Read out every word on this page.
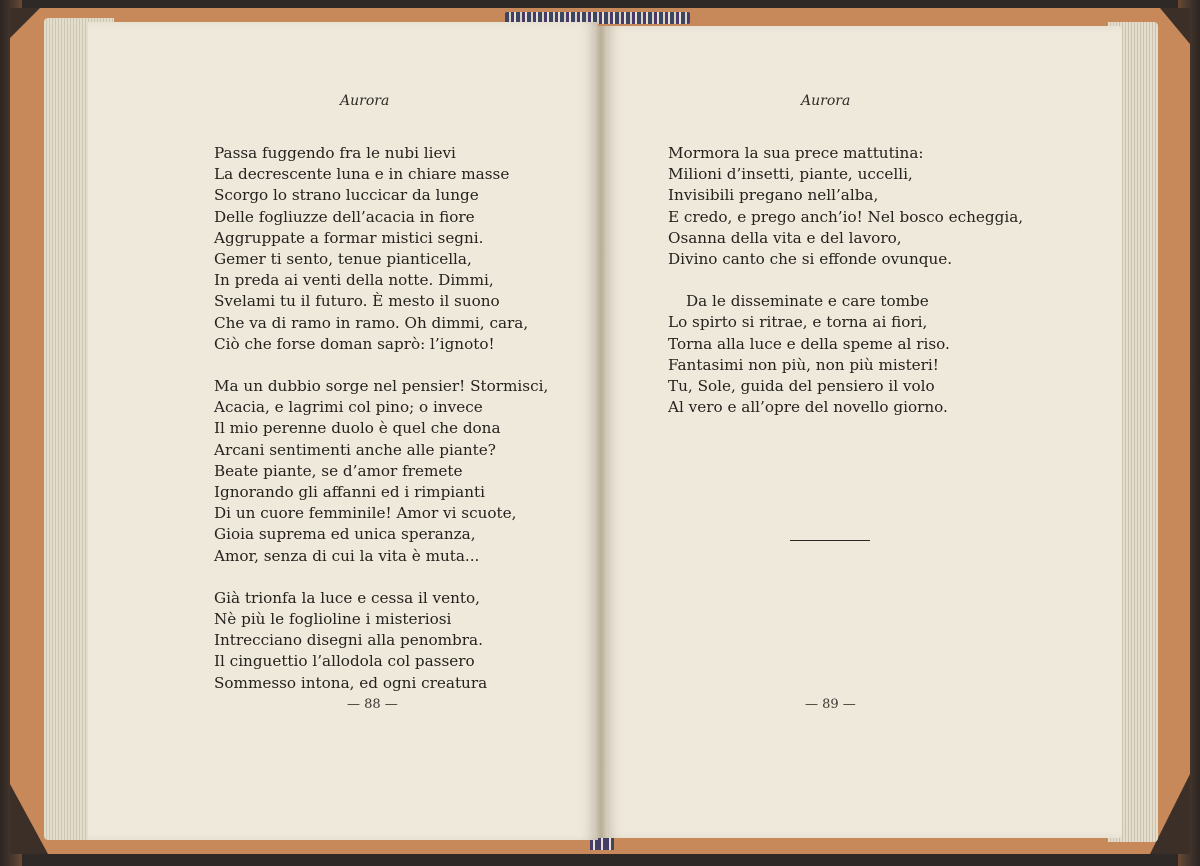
Aurora
Passa fuggendo fra le nubi lievi
La decrescente luna e in chiare masse
Scorgo lo strano luccicar da lunge
Delle fogliuzze dell’acacia in fiore
Aggruppate a formar mistici segni.
Gemer ti sento, tenue pianticella,
In preda ai venti della notte. Dimmi,
Svelami tu il futuro. È mesto il suono
Che va di ramo in ramo. Oh dimmi, cara,
Ciò che forse doman saprò: l’ignoto!
Ma un dubbio sorge nel pensier! Stormisci,
Acacia, e lagrimi col pino; o invece
Il mio perenne duolo è quel che dona
Arcani sentimenti anche alle piante?
Beate piante, se d’amor fremete
Ignorando gli affanni ed i rimpianti
Di un cuore femminile! Amor vi scuote,
Gioia suprema ed unica speranza,
Amor, senza di cui la vita è muta...
Già trionfa la luce e cessa il vento,
Nè più le foglioline i misteriosi
Intrecciano disegni alla penombra.
Il cinguettio l’allodola col passero
Sommesso intona, ed ogni creatura
— 88 —
Aurora
Mormora la sua prece mattutina:
Milioni d’insetti, piante, uccelli,
Invisibili pregano nell’alba,
E credo, e prego anch’io! Nel bosco echeggia,
Osanna della vita e del lavoro,
Divino canto che si effonde ovunque.
Da le disseminate e care tombe
Lo spirto si ritrae, e torna ai fiori,
Torna alla luce e della speme al riso.
Fantasimi non più, non più misteri!
Tu, Sole, guida del pensiero il volo
Al vero e all’opre del novello giorno.
— 89 —
